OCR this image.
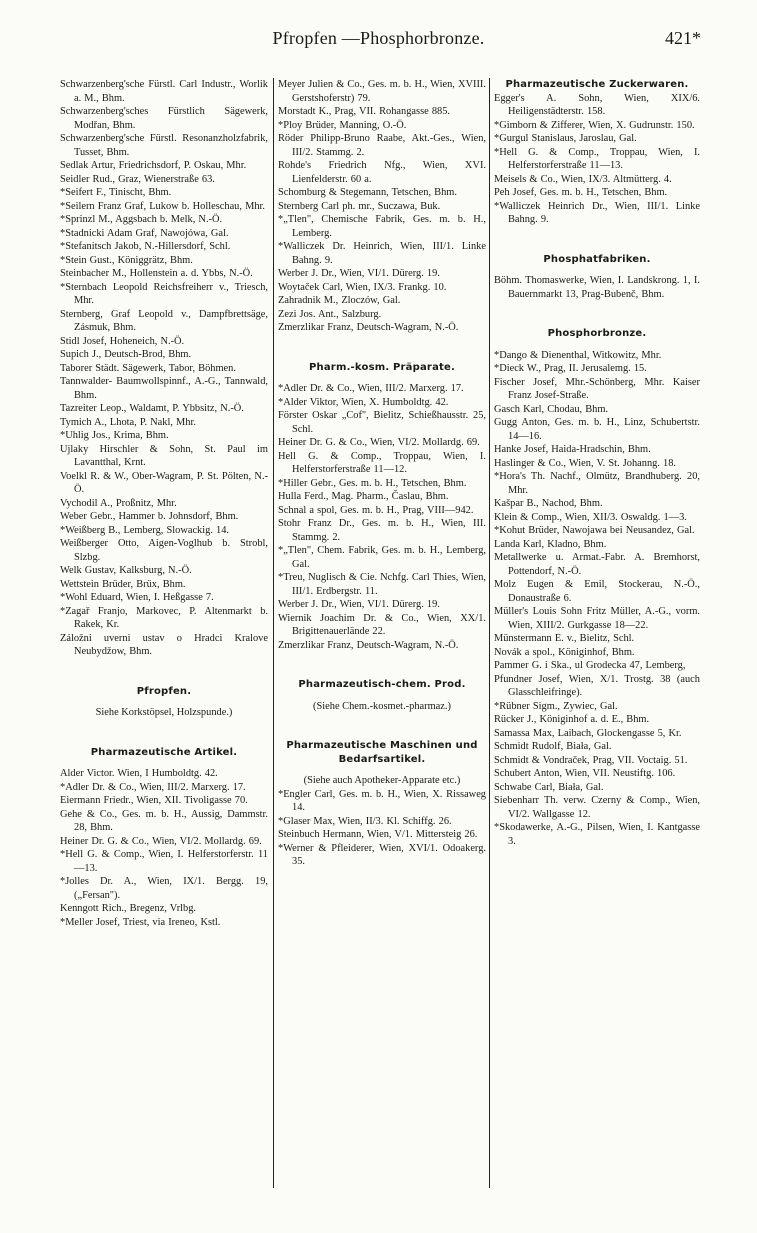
Pfropfen —Phosphorbronze.	421*

Schwarzenberg'sche Fürstl. Carl Industr., Worlik a. M., Bhm.

Schwarzenberg'sches Fürstlich Sägewerk, Modřan, Bhm.

Schwarzenberg'sche Fürstl. Resonanzholzfabrik, Tusset, Bhm.

Sedlak Artur, Friedrichsdorf, P. Oskau, Mhr.

Seidler Rud., Graz, Wienerstraße 63.

*Seifert F., Tinischt, Bhm.

*Seilern Franz Graf, Lukow b. Holleschau, Mhr.

*Sprinzl M., Aggsbach b. Melk, N.-Ö.

*Stadnicki Adam Graf, Nawojówa, Gal.

*Stefanitsch Jakob, N.-Hillersdorf, Schl.

*Stein Gust., Königgrätz, Bhm.

Steinbacher M., Hollenstein a. d. Ybbs, N.-Ö.

*Sternbach Leopold Reichsfreiherr v., Triesch, Mhr.

Sternberg, Graf Leopold v., Dampfbrettsäge, Zásmuk, Bhm.

Stidl Josef, Hoheneich, N.-Ö.

Supich J., Deutsch-Brod, Bhm.

Taborer Städt. Sägewerk, Tabor, Böhmen.

Tannwalder- Baumwollspinnf., A.-G., Tannwald, Bhm.

Tazreiter Leop., Waldamt, P. Ybbsitz, N.-Ö.

Tymich A., Lhota, P. Nakl, Mhr.

*Uhlig Jos., Krima, Bhm.

Ujlaky Hirschler & Sohn, St. Paul im Lavantthal, Krnt.

Voelkl R. & W., Ober-Wagram, P. St. Pölten, N.-Ö.

Vychodil A., Proßnitz, Mhr.

Weber Gebr., Hammer b. Johnsdorf, Bhm.

*Weißberg B., Lemberg, Slowackig. 14.

Weißberger Otto, Aigen-Voglhub b. Strobl, Slzbg.

Welk Gustav, Kalksburg, N.-Ö.

Wettstein Brüder, Brüx, Bhm.

*Wohl Eduard, Wien, I. Heßgasse 7.

*Zagař Franjo, Markovec, P. Altenmarkt b. Rakek, Kr.

Záložni uverni ustav o Hradci Kralove Neubydžow, Bhm.

Pfropfen.

Siehe Korkstöpsel, Holzspunde.)

Pharmazeutische Artikel.

Alder Victor. Wien, I Humboldtg. 42.

*Adler Dr. & Co., Wien, III/2. Marxerg. 17.

Eiermann Friedr., Wien, XII. Tivoligasse 70.

Gehe & Co., Ges. m. b. H., Aussig, Dammstr. 28, Bhm.

Heiner Dr. G. & Co., Wien, VI/2. Mollardg. 69.

*Hell G. & Comp., Wien, I. Helferstorferstr. 11—13.

*Jolles Dr. A., Wien, IX/1. Bergg. 19, („Fersan").

Kenngott Rich., Bregenz, Vrlbg.

*Meller Josef, Triest, via Ireneo, Kstl.

Meyer Julien & Co., Ges. m. b. H., Wien, XVIII. Gerstshoferstr) 79.

Morstadt K., Prag, VII. Rohangasse 885.

*Ploy Brüder, Manning, O.-Ö.

Röder Philipp-Bruno Raabe, Akt.-Ges., Wien, III/2. Stammg. 2.

Rohde's Friedrich Nfg., Wien, XVI. Lienfelderstr. 60 a.

Schomburg & Stegemann, Tetschen, Bhm.

Sternberg Carl ph. mr., Suczawa, Buk.

*„Tlen", Chemische Fabrik, Ges. m. b. H., Lemberg.

*Walliczek Dr. Heinrich, Wien, III/1. Linke Bahng. 9.

Werber J. Dr., Wien, VI/1. Dürerg. 19.

Woytaček Carl, Wien, IX/3. Frankg. 10.

Zahradnik M., Zloczów, Gal.

Zezi Jos. Ant., Salzburg.

Zmerzlikar Franz, Deutsch-Wagram, N.-Ö.

Pharm.-kosm. Präparate.

*Adler Dr. & Co., Wien, III/2. Marxerg. 17.

*Alder Viktor, Wien, X. Humboldtg. 42.

Förster Oskar „Cof", Bielitz, Schießhausstr. 25, Schl.

Heiner Dr. G. & Co., Wien, VI/2. Mollardg. 69.

Hell G. & Comp., Troppau, Wien, I. Helferstorferstraße 11—12.

*Hiller Gebr., Ges. m. b. H., Tetschen, Bhm.

Hulla Ferd., Mag. Pharm., Časlau, Bhm.

Schnal a spol, Ges. m. b. H., Prag, VIII—942.

Stohr Franz Dr., Ges. m. b. H., Wien, III. Stammg. 2.

*„Tlen", Chem. Fabrik, Ges. m. b. H., Lemberg, Gal.

*Treu, Nuglisch & Cie. Nchfg. Carl Thies, Wien, III/1. Erdbergstr. 11.

Werber J. Dr., Wien, VI/1. Dürerg. 19.

Wiernik Joachim Dr. & Co., Wien, XX/1. Brigittenauerlände 22.

Zmerzlikar Franz, Deutsch-Wagram, N.-Ö.

Pharmazeutisch-chem. Prod.

(Siehe Chem.-kosmet.-pharmaz.)

Pharmazeutische Maschinen und Bedarfsartikel.

(Siehe auch Apotheker-Apparate etc.)

*Engler Carl, Ges. m. b. H., Wien, X. Rissaweg 14.

*Glaser Max, Wien, II/3. Kl. Schiffg. 26.

Steinbuch Hermann, Wien, V/1. Mittersteig 26.

*Werner & Pfleiderer, Wien, XVI/1. Odoakerg. 35.

Pharmazeutische Zuckerwaren.

Egger's A. Sohn, Wien, XIX/6. Heiligenstädterstr. 158.

*Gimborn & Zifferer, Wien, X. Gudrunstr. 150.

*Gurgul Stanislaus, Jaroslau, Gal.

*Hell G. & Comp., Troppau, Wien, I. Helferstorferstraße 11—13.

Meisels & Co., Wien, IX/3. Altmütterg. 4.

Peh Josef, Ges. m. b. H., Tetschen, Bhm.

*Walliczek Heinrich Dr., Wien, III/1. Linke Bahng. 9.

Phosphatfabriken.

Böhm. Thomaswerke, Wien, I. Landskrong. 1, I. Bauernmarkt 13, Prag-Bubenč, Bhm.

Phosphorbronze.

*Dango & Dienenthal, Witkowitz, Mhr.

*Dieck W., Prag, II. Jerusalemg. 15.

Fischer Josef, Mhr.-Schönberg, Mhr. Kaiser Franz Josef-Straße.

Gasch Karl, Chodau, Bhm.

Gugg Anton, Ges. m. b. H., Linz, Schubertstr. 14—16.

Hanke Josef, Haida-Hradschin, Bhm.

Haslinger & Co., Wien, V. St. Johanng. 18.

*Hora's Th. Nachf., Olmütz, Brandhuberg. 20, Mhr.

Kašpar B., Nachod, Bhm.

Klein & Comp., Wien, XII/3. Oswaldg. 1—3.

*Kohut Brüder, Nawojawa bei Neusandez, Gal.

Landa Karl, Kladno, Bhm.

Metallwerke u. Armat.-Fabr. A. Bremhorst, Pottendorf, N.-Ö.

Molz Eugen & Emil, Stockerau, N.-Ö., Donaustraße 6.

Müller's Louis Sohn Fritz Müller, A.-G., vorm. Wien, XIII/2. Gurkgasse 18—22.

Münstermann E. v., Bielitz, Schl.

Novák a spol., Königinhof, Bhm.

Pammer G. i Ska., ul Grodecka 47, Lemberg,

Pfundner Josef, Wien, X/1. Trostg. 38 (auch Glasschleifringe).

*Rübner Sigm., Zywiec, Gal.

Rücker J., Königinhof a. d. E., Bhm.

Samassa Max, Laibach, Glockengasse 5, Kr.

Schmidt Rudolf, Biała, Gal.

Schmidt & Vondraček, Prag, VII. Voctaig. 51.

Schubert Anton, Wien, VII. Neustiftg. 106.

Schwabe Carl, Biała, Gal.

Siebenharr Th. verw. Czerny & Comp., Wien, VI/2. Wallgasse 12.

*Skodawerke, A.-G., Pilsen, Wien, I. Kantgasse 3.
